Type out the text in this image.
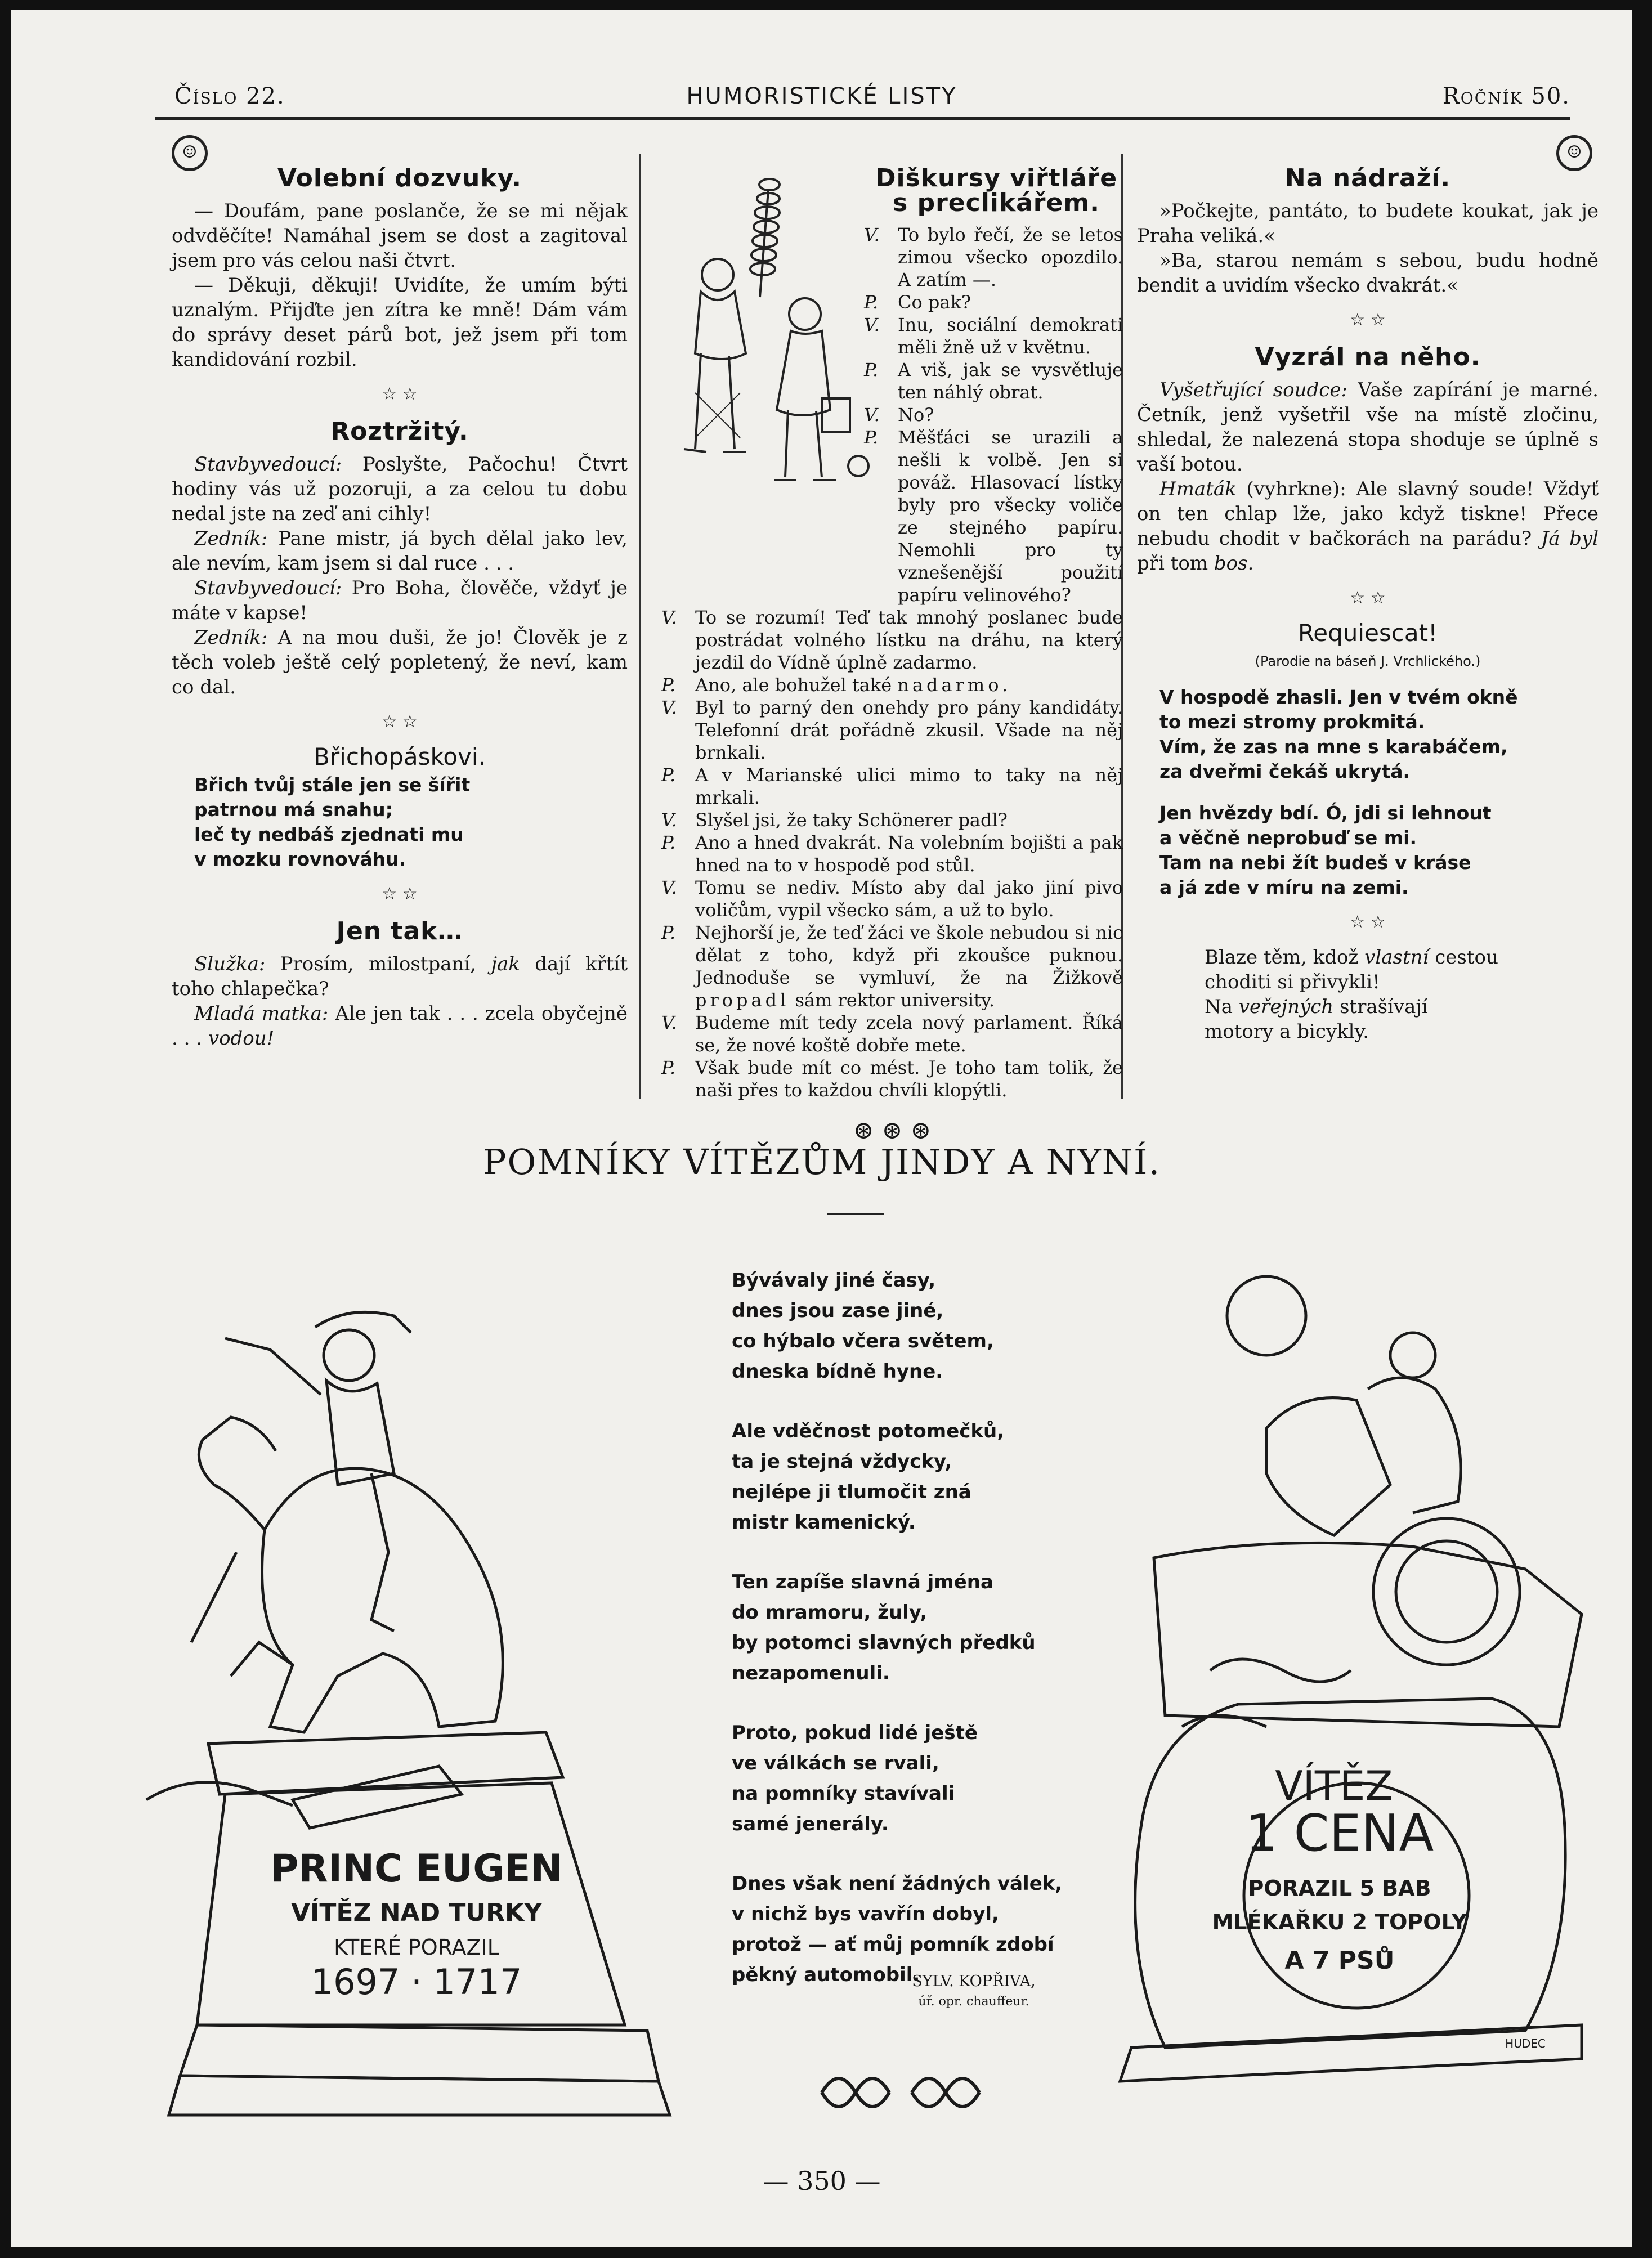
Číslo 22.	HUMORISTICKÉ LISTY	Ročník 50.
☺	☺
Volební dozvuky.

— Doufám, pane poslanče, že se mi nějak odvděčíte! Namáhal jsem se dost a zagitoval jsem pro vás celou naši čtvrt.

— Děkuji, děkuji! Uvidíte, že umím býti uznalým. Přijďte jen zítra ke mně! Dám vám do správy deset párů bot, jež jsem při tom kandidování rozbil.

☆ ☆
Roztržitý.

Stavbyvedoucí: Poslyšte, Pačochu! Čtvrt hodiny vás už pozoruji, a za celou tu dobu nedal jste na zeď ani cihly!

Zedník: Pane mistr, já bych dělal jako lev, ale nevím, kam jsem si dal ruce . . .

Stavbyvedoucí: Pro Boha, člověče, vždyť je máte v kapse!

Zedník: A na mou duši, že jo! Člověk je z těch voleb ještě celý popletený, že neví, kam co dal.

☆ ☆
Břichopáskovi.

Břich tvůj stále jen se šířit

patrnou má snahu;

leč ty nedbáš zjednati mu

v mozku rovnováhu.

☆ ☆
Jen tak…

Služka: Prosím, milostpaní, jak dají křtít toho chlapečka?

Mladá matka: Ale jen tak . . . zcela obyčejně . . . vodou!

Diškursy viřtláře
s preclikářem.
V.	To bylo řečí, že se letos zimou všecko opozdilo. A zatím —.
P.	Co pak?
V.	Inu, sociální demokrati měli žně už v květnu.
P.	A viš, jak se vysvětluje ten náhlý obrat.
V.	No?
P.	Měšťáci se urazili a nešli k volbě. Jen si pováž. Hlasovací lístky byly pro všecky voliče ze stejného papíru. Nemohli pro ty vznešenější použití papíru velinového?
V.	To se rozumí! Teď tak mnohý poslanec bude postrádat volného lístku na dráhu, na který jezdil do Vídně úplně zadarmo.
P.	Ano, ale bohužel také nadarmo.
V.	Byl to parný den onehdy pro pány kandidáty. Telefonní drát pořádně zkusil. Všade na něj brnkali.
P.	A v Marianské ulici mimo to taky na něj mrkali.
V.	Slyšel jsi, že taky Schönerer padl?
P.	Ano a hned dvakrát. Na volebním bojišti a pak hned na to v hospodě pod stůl.
V.	Tomu se nediv. Místo aby dal jako jiní pivo voličům, vypil všecko sám, a už to bylo.
P.	Nejhorší je, že teď žáci ve škole nebudou si nic dělat z toho, když při zkoušce puknou. Jednoduše se vymluví, že na Žižkově propadl sám rektor university.
V.	Budeme mít tedy zcela nový parlament. Říká se, že nové koště dobře mete.
P.	Však bude mít co mést. Je toho tam tolik, že naši přes to každou chvíli klopýtli.
⊛ ⊛ ⊛
Na nádraží.

»Počkejte, pantáto, to budete koukat, jak je Praha veliká.«

»Ba, starou nemám s sebou, budu hodně bendit a uvidím všecko dvakrát.«

☆ ☆
Vyzrál na něho.

Vyšetřující soudce: Vaše zapírání je marné. Četník, jenž vyšetřil vše na místě zločinu, shledal, že nalezená stopa shoduje se úplně s vaší botou.

Hmaták (vyhrkne): Ale slavný soude! Vždyť on ten chlap lže, jako když tiskne! Přece nebudu chodit v bačkorách na parádu? Já byl při tom bos.

☆ ☆
Requiescat!
(Parodie na báseň J. Vrchlického.)

V hospodě zhasli. Jen v tvém okně

to mezi stromy prokmitá.

Vím, že zas na mne s karabáčem,

za dveřmi čekáš ukrytá.

Jen hvězdy bdí. Ó, jdi si lehnout

a věčně neprobuď se mi.

Tam na nebi žít budeš v kráse

a já zde v míru na zemi.

☆ ☆
Blaze těm, kdož vlastní cestou
choditi si přivykli!
Na veřejných strašívají
motory a bicykly.
POMNÍKY VÍTĚZŮM JINDY A NYNÍ.
PRINC EUGEN
VÍTĚZ NAD TURKY
KTERÉ PORAZIL
1697 · 1717
Bývávaly jiné časy,
dnes jsou zase jiné,
co hýbalo včera světem,
dneska bídně hyne.
Ale vděčnost potomečků,
ta je stejná vždycky,
nejlépe ji tlumočit zná
mistr kamenický.
Ten zapíše slavná jména
do mramoru, žuly,
by potomci slavných předků
nezapomenuli.
Proto, pokud lidé ještě
ve válkách se rvali,
na pomníky stavívali
samé jenerály.
Dnes však není žádných válek,
v nichž bys vavřín dobyl,
protož — ať můj pomník zdobí
pěkný automobil.
SYLV. KOPŘIVA,
úř. opr. chauffeur.
VÍTĚZ
1 CENA
PORAZIL 5 BAB
MLÉKAŘKU 2 TOPOLY
A 7 PSŮ
HUDEC
— 350 —
